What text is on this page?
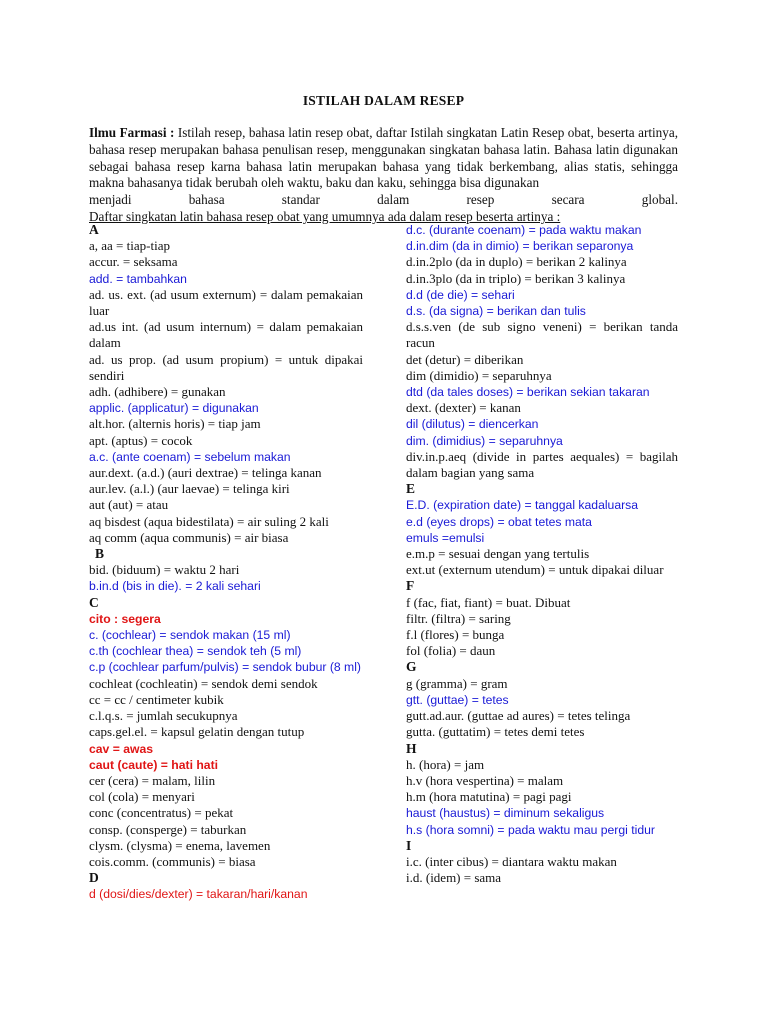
ISTILAH DALAM RESEP
Ilmu Farmasi : Istilah resep, bahasa latin resep obat, daftar Istilah singkatan Latin Resep obat, beserta artinya, bahasa resep merupakan bahasa penulisan resep, menggunakan singkatan bahasa latin. Bahasa latin digunakan sebagai bahasa resep karna bahasa latin merupakan bahasa yang tidak berkembang, alias statis, sehingga makna bahasanya tidak berubah oleh waktu, baku dan kaku, sehingga bisa digunakan
menjadi bahasa standar dalam resep secara global.
Daftar singkatan latin bahasa resep obat yang umumnya ada dalam resep beserta artinya :
A
a, aa = tiap-tiap
accur. = seksama
add. = tambahkan
ad. us. ext. (ad usum externum) = dalam pemakaian luar
ad.us int. (ad usum internum) = dalam pemakaian dalam
ad. us prop. (ad usum propium) = untuk dipakai sendiri
adh. (adhibere) = gunakan
applic. (applicatur) = digunakan
alt.hor. (alternis horis) = tiap jam
apt. (aptus) = cocok
a.c. (ante coenam) = sebelum makan
aur.dext. (a.d.) (auri dextrae) = telinga kanan
aur.lev. (a.l.) (aur laevae) = telinga kiri
aut (aut) = atau
aq bisdest (aqua bidestilata) = air suling 2 kali
aq comm (aqua communis) = air biasa
B
bid. (biduum) = waktu 2 hari
b.in.d (bis in die). = 2 kali sehari
C
cito : segera
c. (cochlear) = sendok makan (15 ml)
c.th (cochlear thea) = sendok teh (5 ml)
c.p (cochlear parfum/pulvis) = sendok bubur (8 ml)
cochleat (cochleatin) = sendok demi sendok
cc = cc / centimeter kubik
c.l.q.s. = jumlah secukupnya
caps.gel.el. = kapsul gelatin dengan tutup
cav = awas
caut (caute) = hati hati
cer (cera) = malam, lilin
col (cola) = menyari
conc (concentratus) = pekat
consp. (consperge) = taburkan
clysm. (clysma) = enema, lavemen
cois.comm. (communis) = biasa
D
d (dosi/dies/dexter) = takaran/hari/kanan
d.c. (durante coenam) = pada waktu makan
d.in.dim (da in dimio) = berikan separonya
d.in.2plo (da in duplo) = berikan 2 kalinya
d.in.3plo (da in triplo) = berikan 3 kalinya
d.d (de die) = sehari
d.s. (da signa) = berikan dan tulis
d.s.s.ven (de sub signo veneni) = berikan tanda racun
det (detur) = diberikan
dim (dimidio) = separuhnya
dtd (da tales doses) = berikan sekian takaran
dext. (dexter) = kanan
dil (dilutus) = diencerkan
dim. (dimidius) = separuhnya
div.in.p.aeq (divide in partes aequales) = bagilah dalam bagian yang sama
E
E.D. (expiration date) = tanggal kadaluarsa
e.d (eyes drops) = obat tetes mata
emuls =emulsi
e.m.p = sesuai dengan yang tertulis
ext.ut (externum utendum) = untuk dipakai diluar
F
f (fac, fiat, fiant) = buat. Dibuat
filtr. (filtra) = saring
f.l (flores) = bunga
fol (folia) = daun
G
g (gramma) = gram
gtt. (guttae) = tetes
gutt.ad.aur. (guttae ad aures) = tetes telinga
gutta. (guttatim) = tetes demi tetes
H
h. (hora) = jam
h.v (hora vespertina) = malam
h.m (hora matutina) = pagi pagi
haust (haustus) = diminum sekaligus
h.s (hora somni) = pada waktu mau pergi tidur
I
i.c. (inter cibus) = diantara waktu makan
i.d. (idem) = sama
